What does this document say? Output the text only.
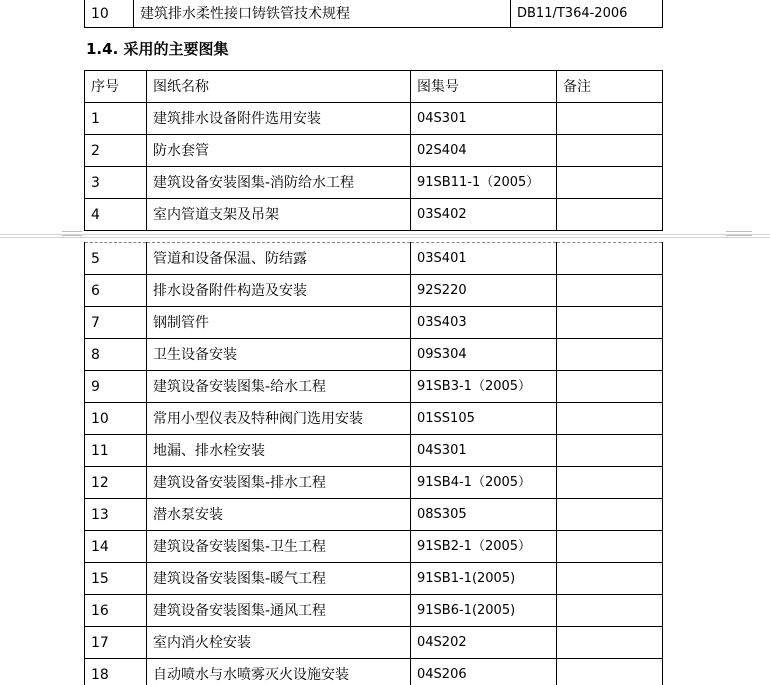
10	建筑排水柔性接口铸铁管技术规程	DB11/T364-2006
1.4. 采用的主要图集
序号	图纸名称	图集号	备注
1	建筑排水设备附件选用安装	04S301	
2	防水套管	02S404	
3	建筑设备安装图集-消防给水工程	91SB11-1（2005）	
4	室内管道支架及吊架	03S402	
5	管道和设备保温、防结露	03S401	
6	排水设备附件构造及安装	92S220	
7	钢制管件	03S403	
8	卫生设备安装	09S304	
9	建筑设备安装图集-给水工程	91SB3-1（2005）	
10	常用小型仪表及特种阀门选用安装	01SS105	
11	地漏、排水栓安装	04S301	
12	建筑设备安装图集-排水工程	91SB4-1（2005）	
13	潜水泵安装	08S305	
14	建筑设备安装图集-卫生工程	91SB2-1（2005）	
15	建筑设备安装图集-暖气工程	91SB1-1(2005)	
16	建筑设备安装图集-通风工程	91SB6-1(2005)	
17	室内消火栓安装	04S202	
18	自动喷水与水喷雾灭火设施安装	04S206	
